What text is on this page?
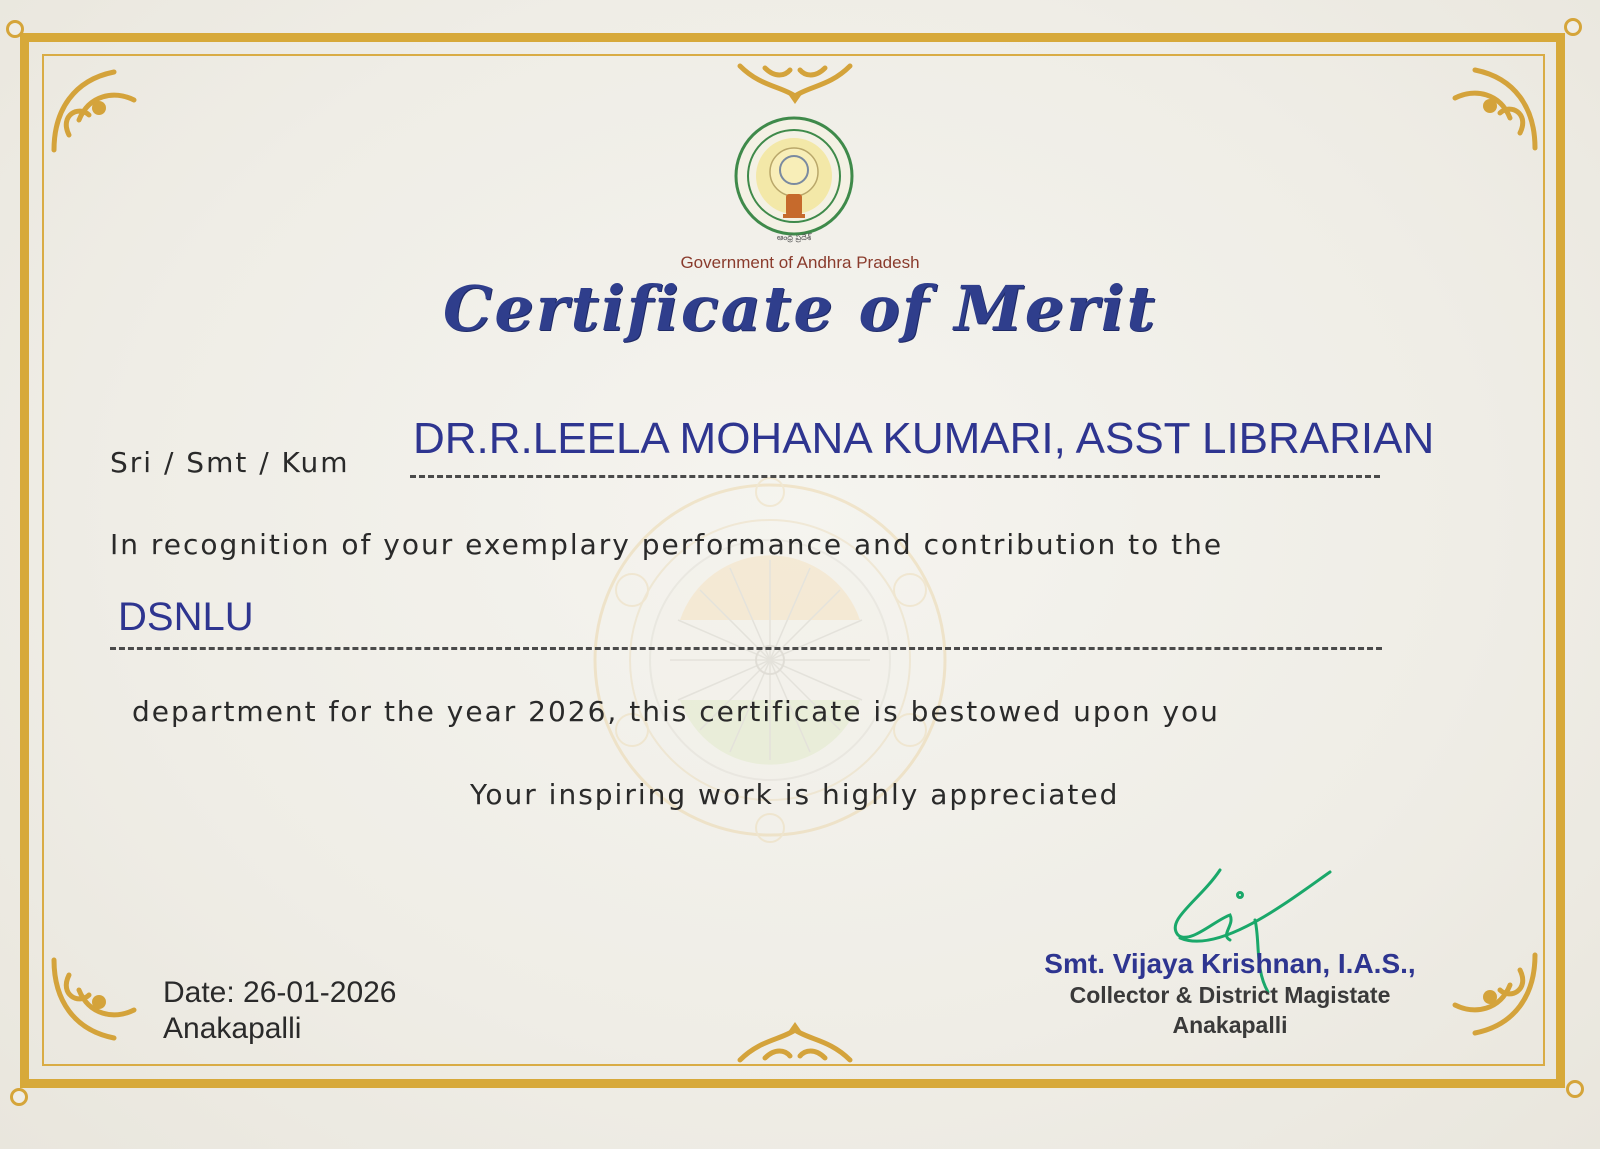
ఆంధ్ర ప్రదేశ్
Government of Andhra Pradesh
Certificate of Merit
Sri / Smt / Kum DR.R.LEELA MOHANA KUMARI, ASST LIBRARIAN
In recognition of your exemplary performance and contribution to the
DSNLU
department for the year 2026, this certificate is bestowed upon you
Your inspiring work is highly appreciated
Date: 26-01-2026
Anakapalli
Smt. Vijaya Krishnan, I.A.S.,
Collector & District Magistate
Anakapalli
